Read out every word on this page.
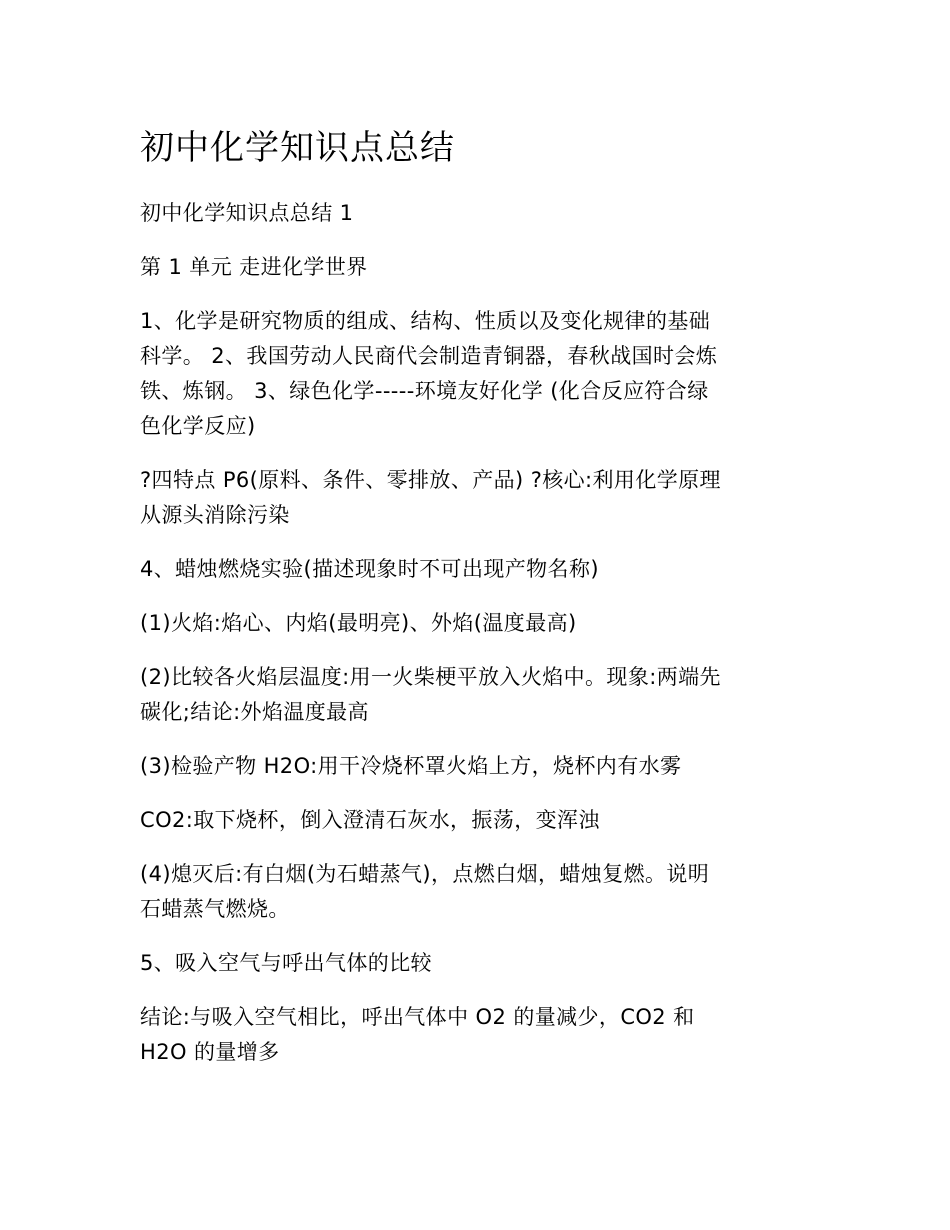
初中化学知识点总结

初中化学知识点总结 1

第 1 单元 走进化学世界

1、化学是研究物质的组成、结构、性质以及变化规律的基础
科学。 2、我国劳动人民商代会制造青铜器，春秋战国时会炼
铁、炼钢。 3、绿色化学-----环境友好化学 (化合反应符合绿
色化学反应)

?四特点 P6(原料、条件、零排放、产品) ?核心:利用化学原理
从源头消除污染

4、蜡烛燃烧实验(描述现象时不可出现产物名称)

(1)火焰:焰心、内焰(最明亮)、外焰(温度最高)

(2)比较各火焰层温度:用一火柴梗平放入火焰中。现象:两端先
碳化;结论:外焰温度最高

(3)检验产物 H2O:用干冷烧杯罩火焰上方，烧杯内有水雾

CO2:取下烧杯，倒入澄清石灰水，振荡，变浑浊

(4)熄灭后:有白烟(为石蜡蒸气)，点燃白烟，蜡烛复燃。说明
石蜡蒸气燃烧。

5、吸入空气与呼出气体的比较

结论:与吸入空气相比，呼出气体中 O2 的量减少，CO2 和
H2O 的量增多
